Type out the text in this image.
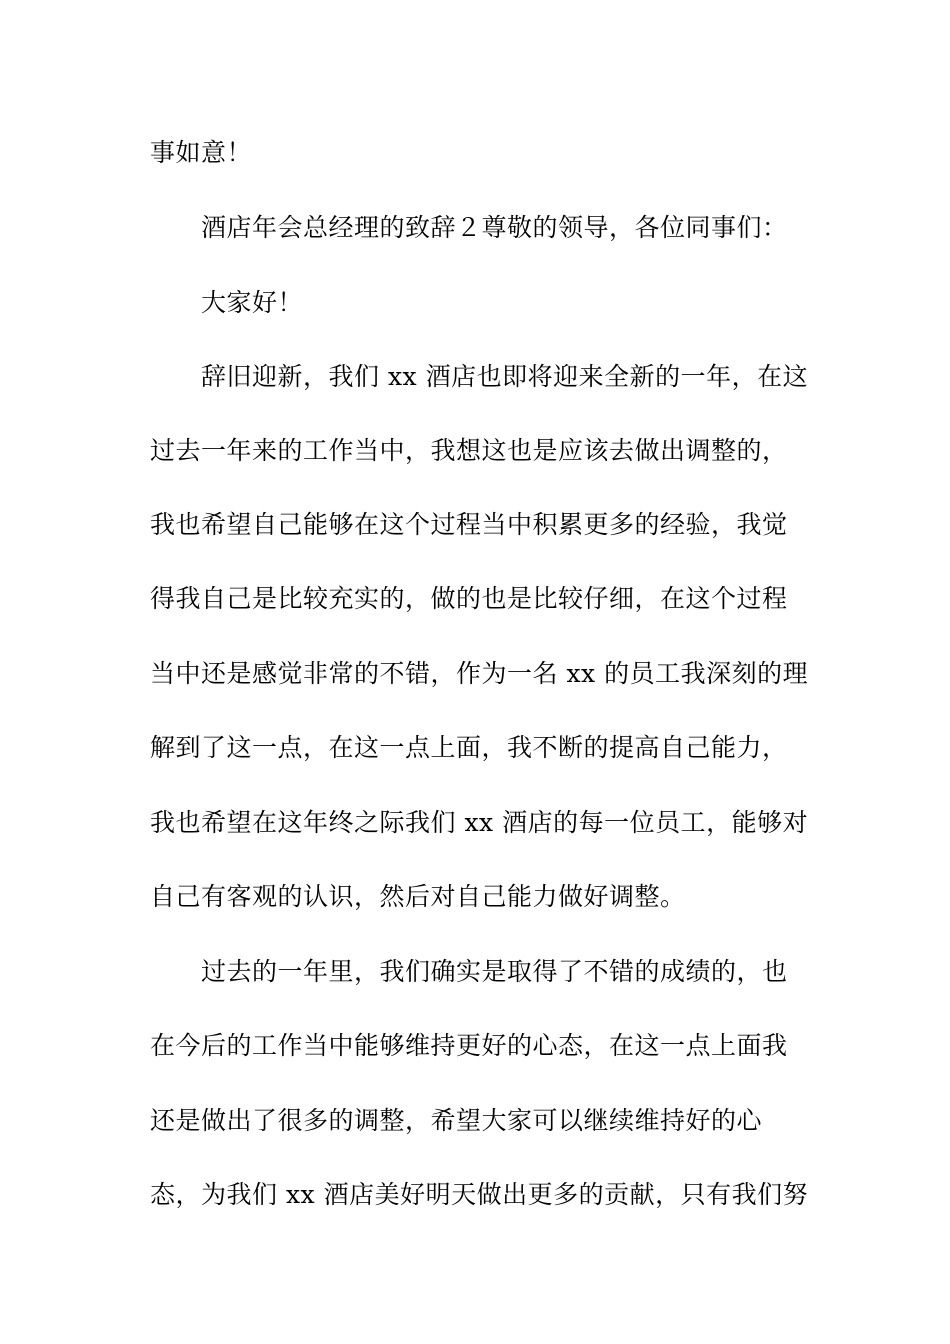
事如意！
酒店年会总经理的致辞２尊敬的领导，各位同事们：
大家好！
辞旧迎新，我们 xx 酒店也即将迎来全新的一年，在这
过去一年来的工作当中，我想这也是应该去做出调整的，
我也希望自己能够在这个过程当中积累更多的经验，我觉
得我自己是比较充实的，做的也是比较仔细，在这个过程
当中还是感觉非常的不错，作为一名 xx 的员工我深刻的理
解到了这一点，在这一点上面，我不断的提高自己能力，
我也希望在这年终之际我们 xx 酒店的每一位员工，能够对
自己有客观的认识，然后对自己能力做好调整。
过去的一年里，我们确实是取得了不错的成绩的，也
在今后的工作当中能够维持更好的心态，在这一点上面我
还是做出了很多的调整，希望大家可以继续维持好的心
态，为我们 xx 酒店美好明天做出更多的贡献，只有我们努
